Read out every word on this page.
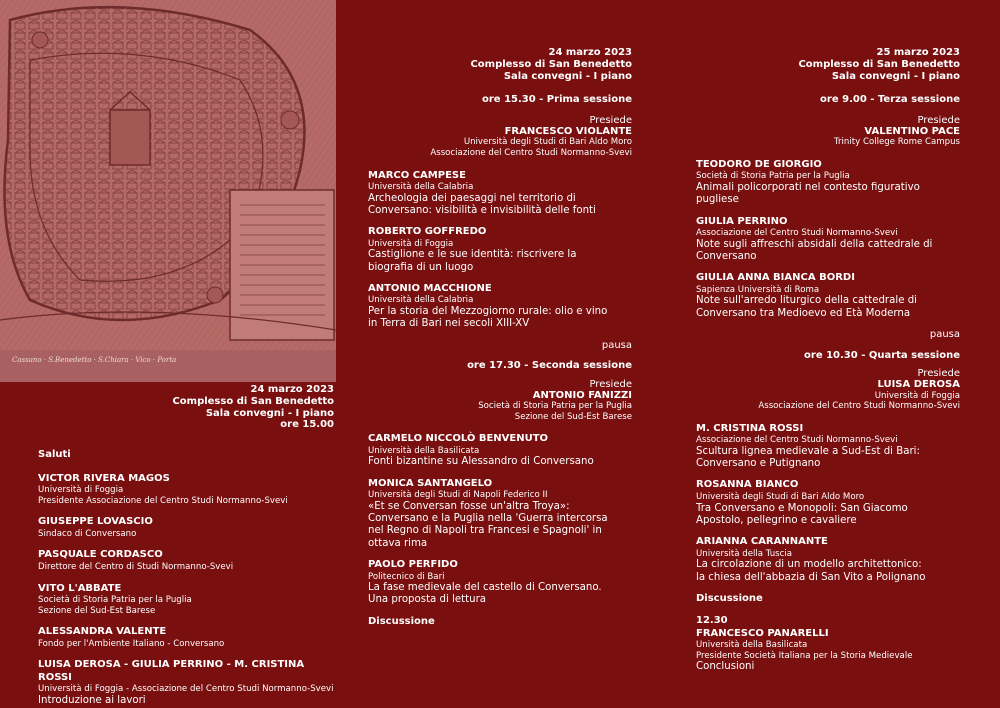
Cassano · S.Benedetto · S.Chiara · Vico · Porta
24 marzo 2023
Complesso di San Benedetto
Sala convegni - I piano
ore 15.00
Saluti
VICTOR RIVERA MAGOS
Università di Foggia
Presidente Associazione del Centro Studi Normanno-Svevi
GIUSEPPE LOVASCIO
Sindaco di Conversano
PASQUALE CORDASCO
Direttore del Centro di Studi Normanno-Svevi
VITO L'ABBATE
Società di Storia Patria per la Puglia
Sezione del Sud-Est Barese
ALESSANDRA VALENTE
Fondo per l'Ambiente Italiano - Conversano
LUISA DEROSA - GIULIA PERRINO - M. CRISTINA ROSSI
Università di Foggia - Associazione del Centro Studi Normanno-Svevi
Introduzione ai lavori
24 marzo 2023
Complesso di San Benedetto
Sala convegni - I piano
ore 15.30 - Prima sessione
Presiede
FRANCESCO VIOLANTE
Università degli Studi di Bari Aldo Moro
Associazione del Centro Studi Normanno-Svevi
MARCO CAMPESE
Università della Calabria
Archeologia dei paesaggi nel territorio di
Conversano: visibilità e invisibilità delle fonti
ROBERTO GOFFREDO
Università di Foggia
Castiglione e le sue identità: riscrivere la
biografia di un luogo
ANTONIO MACCHIONE
Università della Calabria
Per la storia del Mezzogiorno rurale: olio e vino
in Terra di Bari nei secoli XIII-XV
pausa
ore 17.30 - Seconda sessione
Presiede
ANTONIO FANIZZI
Società di Storia Patria per la Puglia
Sezione del Sud-Est Barese
CARMELO NICCOLÒ BENVENUTO
Università della Basilicata
Fonti bizantine su Alessandro di Conversano
MONICA SANTANGELO
Università degli Studi di Napoli Federico II
«Et se Conversan fosse un'altra Troya»:
Conversano e la Puglia nella 'Guerra intercorsa
nel Regno di Napoli tra Francesi e Spagnoli' in
ottava rima
PAOLO PERFIDO
Politecnico di Bari
La fase medievale del castello di Conversano.
Una proposta di lettura
Discussione
25 marzo 2023
Complesso di San Benedetto
Sala convegni - I piano
ore 9.00 - Terza sessione
Presiede
VALENTINO PACE
Trinity College Rome Campus
TEODORO DE GIORGIO
Società di Storia Patria per la Puglia
Animali policorporati nel contesto figurativo
pugliese
GIULIA PERRINO
Associazione del Centro Studi Normanno-Svevi
Note sugli affreschi absidali della cattedrale di
Conversano
GIULIA ANNA BIANCA BORDI
Sapienza Università di Roma
Note sull'arredo liturgico della cattedrale di
Conversano tra Medioevo ed Età Moderna
pausa
ore 10.30 - Quarta sessione
Presiede
LUISA DEROSA
Università di Foggia
Associazione del Centro Studi Normanno-Svevi
M. CRISTINA ROSSI
Associazione del Centro Studi Normanno-Svevi
Scultura lignea medievale a Sud-Est di Bari:
Conversano e Putignano
ROSANNA BIANCO
Università degli Studi di Bari Aldo Moro
Tra Conversano e Monopoli: San Giacomo
Apostolo, pellegrino e cavaliere
ARIANNA CARANNANTE
Università della Tuscia
La circolazione di un modello architettonico:
la chiesa dell'abbazia di San Vito a Polignano
Discussione
12.30
FRANCESCO PANARELLI
Università della Basilicata
Presidente Società Italiana per la Storia Medievale
Conclusioni
